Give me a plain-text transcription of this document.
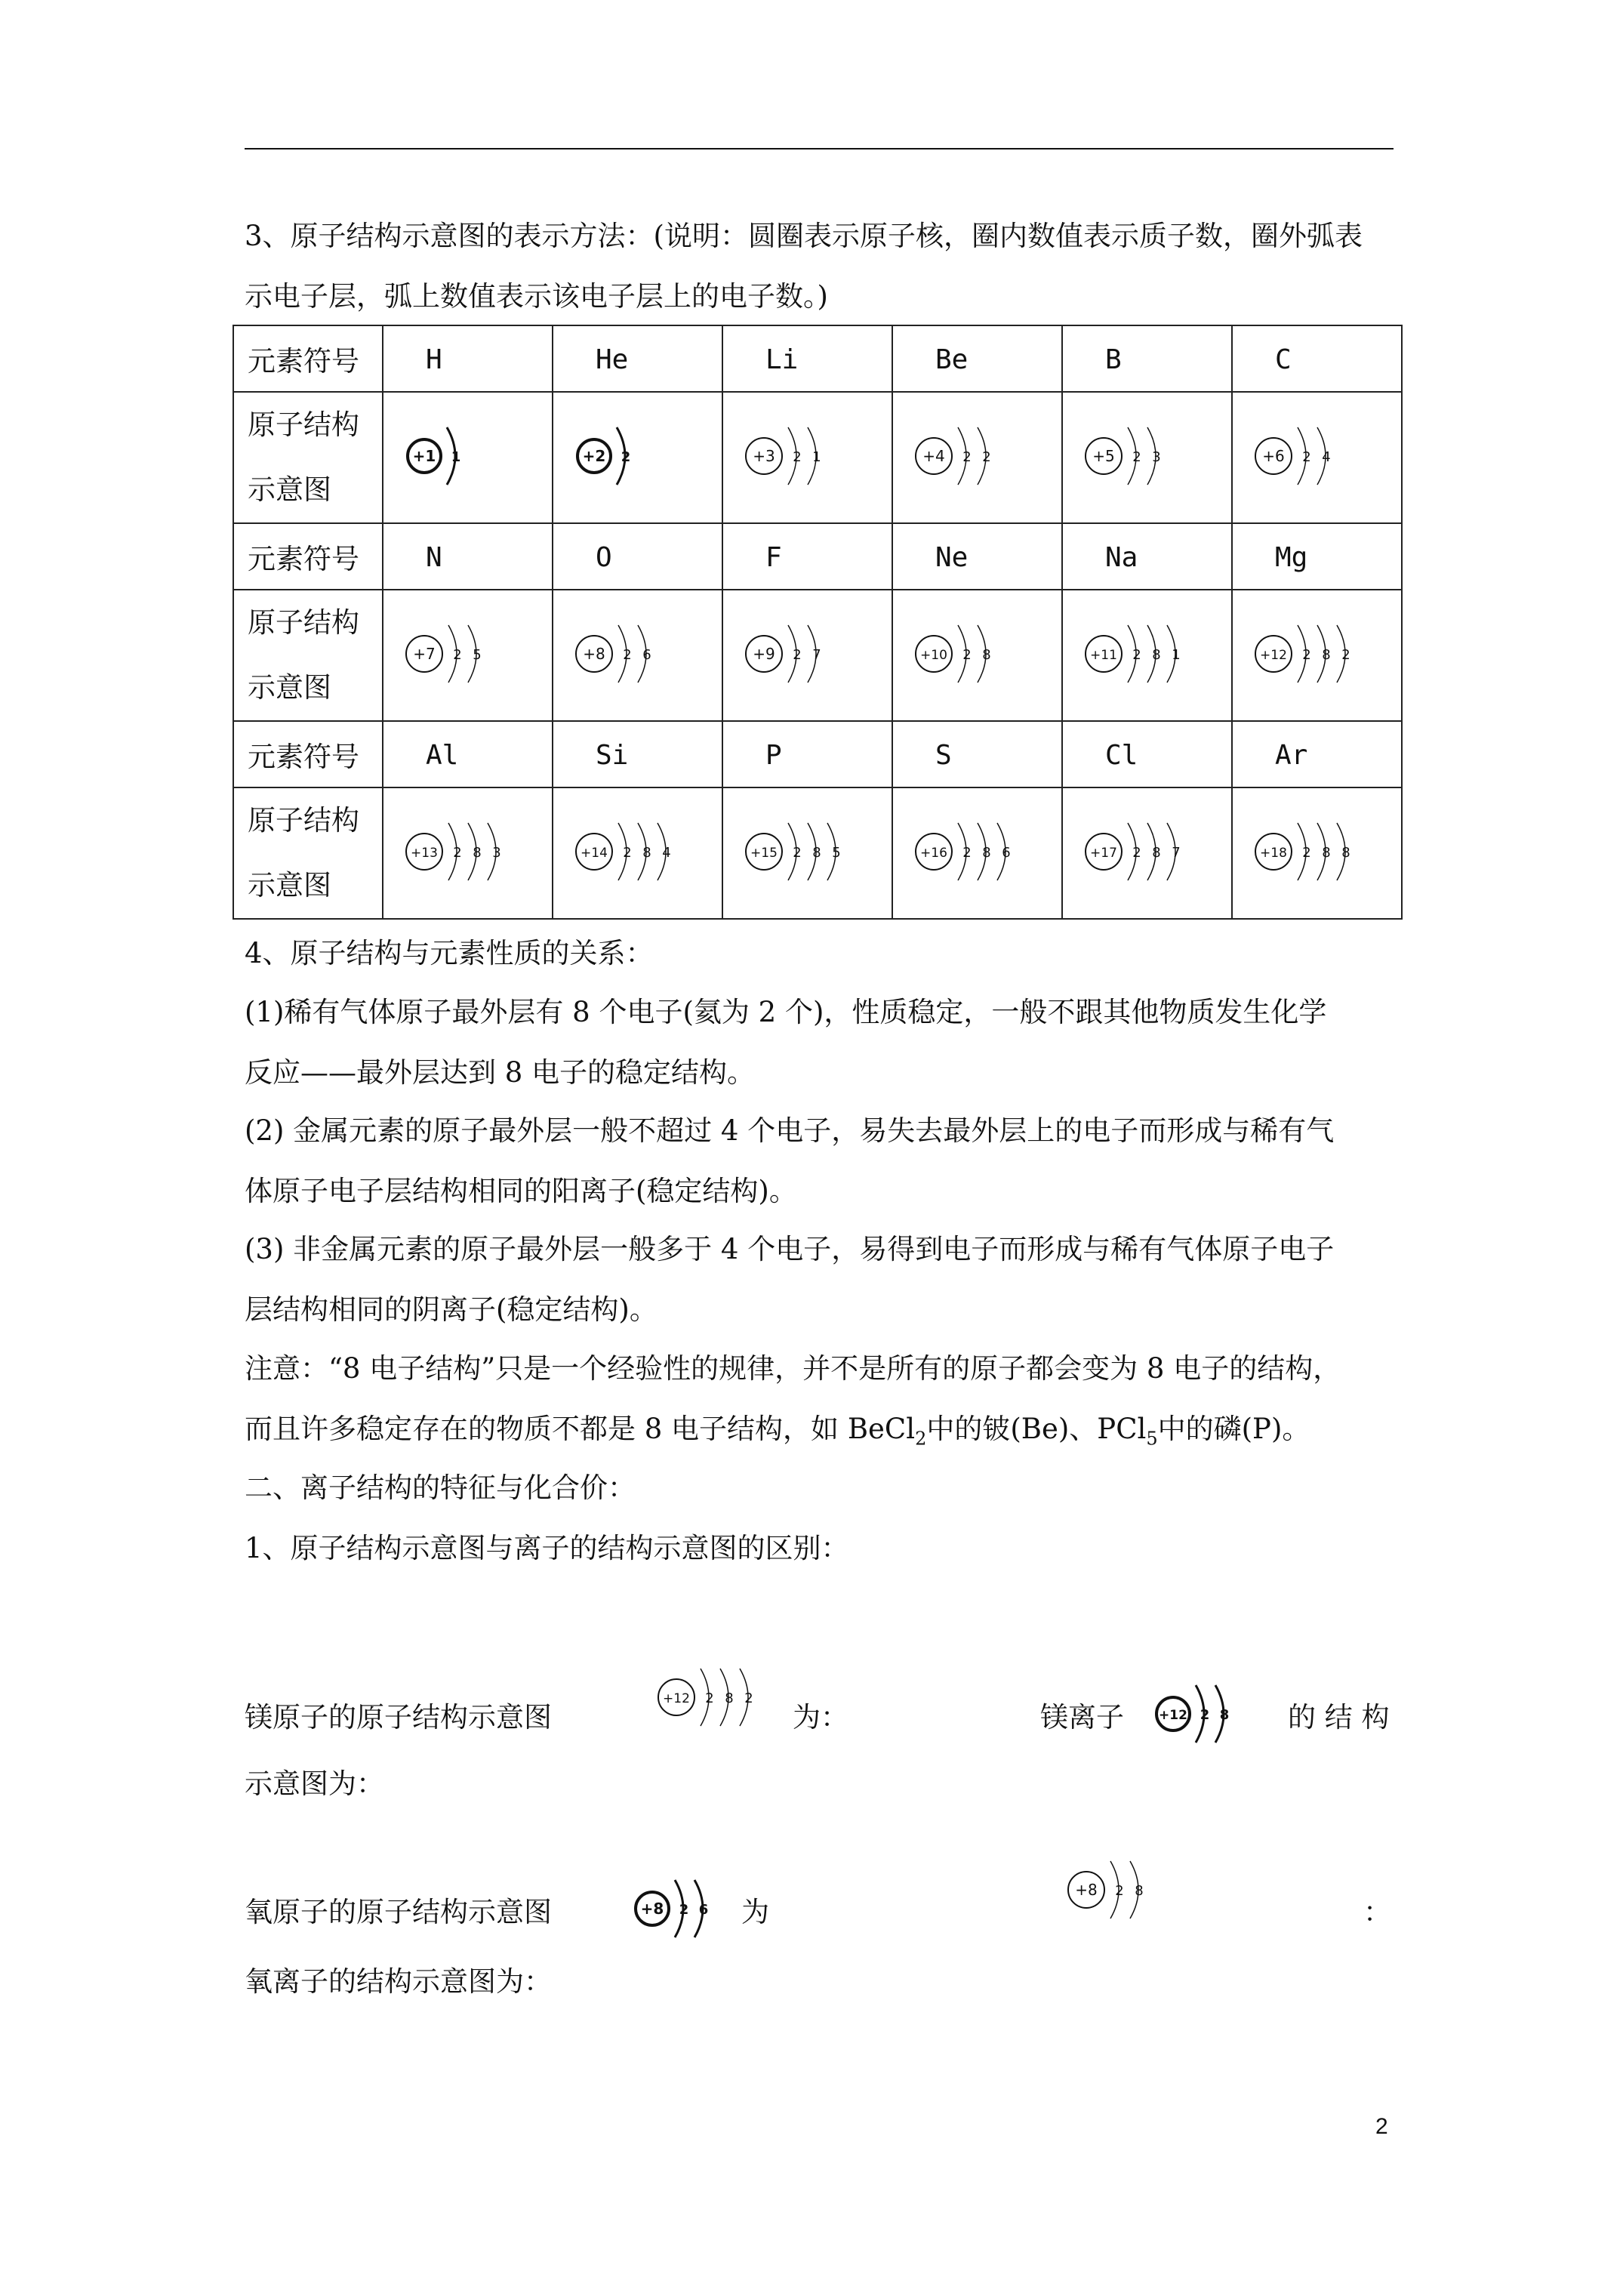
3、原子结构示意图的表示方法：(说明：圆圈表示原子核，圈内数值表示质子数，圈外弧表

示电子层，弧上数值表示该电子层上的电子数。)

元素符号	H	He	Li	Be	B	C
原子结构
示意图	+1 1	+2 2	+3 2 1	+4 2 2	+5 2 3	+6 2 4

元素符号	N	O	F	Ne	Na	Mg
原子结构
示意图	+7 2 5	+8 2 6	+9 2 7	+10 2 8	+11 2 8 1	+12 2 8 2

元素符号	Al	Si	P	S	Cl	Ar
原子结构
示意图	+13 2 8 3	+14 2 8 4	+15 2 8 5	+16 2 8 6	+17 2 8 7	+18 2 8 8

4、原子结构与元素性质的关系：

(1)稀有气体原子最外层有 8 个电子(氦为 2 个)，性质稳定，一般不跟其他物质发生化学

反应——最外层达到 8 电子的稳定结构。

(2) 金属元素的原子最外层一般不超过 4 个电子，易失去最外层上的电子而形成与稀有气

体原子电子层结构相同的阳离子(稳定结构)。

(3) 非金属元素的原子最外层一般多于 4 个电子，易得到电子而形成与稀有气体原子电子

层结构相同的阴离子(稳定结构)。

注意：“8 电子结构”只是一个经验性的规律，并不是所有的原子都会变为 8 电子的结构，

而且许多稳定存在的物质不都是 8 电子结构，如 BeCl$_2$中的铍(Be)、PCl$_5$中的磷(P)。

二、离子结构的特征与化合价：

1、原子结构示意图与离子的结构示意图的区别：

镁原子的原子结构示意图

+12 2 8 2

为：	镁离子	+12 2 8 的 结 构

示意图为：

氧原子的原子结构示意图	+8 2 6 为

+8 2 8

：

氧离子的结构示意图为：

2
